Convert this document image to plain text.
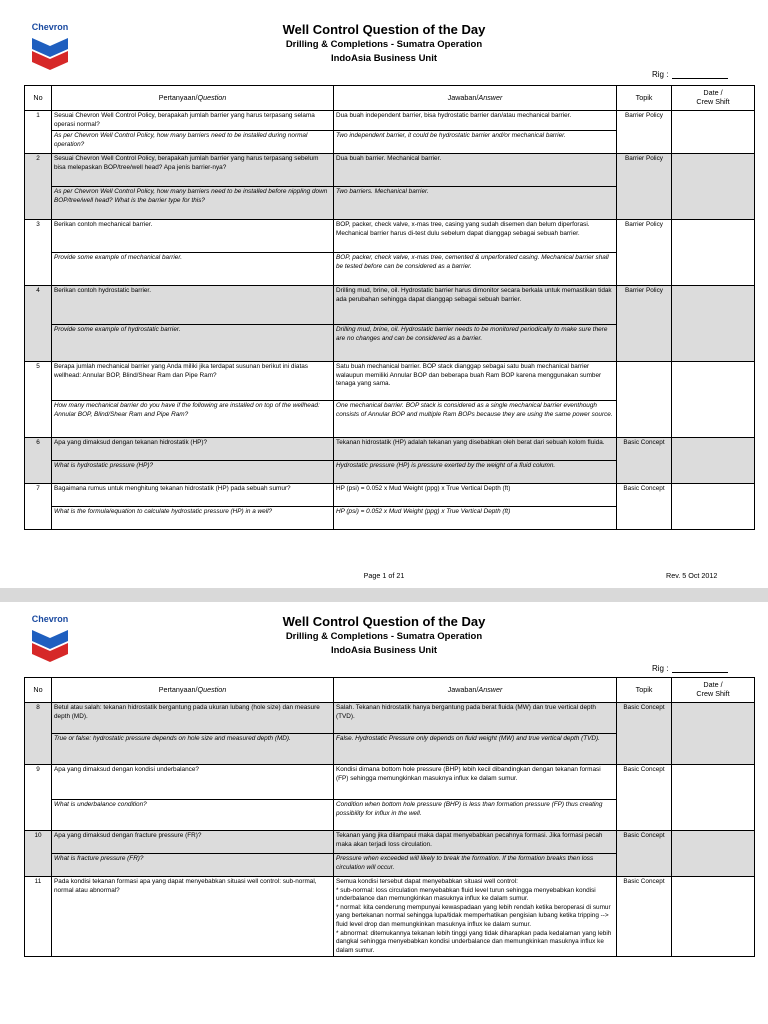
Chevron	Well Control Question of the Day
Drilling & Completions - Sumatra Operation
IndoAsia Business Unit
Rig :
No	Pertanyaan/Question	Jawaban/Answer	Topik	Date /
Crew Shift
1	Sesuai Chevron Well Control Policy, berapakah jumlah barrier yang harus terpasang selama operasi normal?	Dua buah independent barrier, bisa hydrostatic barrier dan/atau mechanical barrier.	Barrier Policy	
	As per Chevron Well Control Policy, how many barriers need to be installed during normal operation?	Two independent barrier, it could be hydrostatic barrier and/or mechanical barrier.		
2	Sesuai Chevron Well Control Policy, berapakah jumlah barrier yang harus terpasang sebelum bisa melepaskan BOP/tree/well head? Apa jenis barrier-nya?	Dua buah barrier. Mechanical barrier.	Barrier Policy	
	As per Chevron Well Control Policy, how many barriers need to be installed before nippling down BOP/tree/well head? What is the barrier type for this?	Two barriers. Mechanical barrier.		
3	Berikan contoh mechanical barrier.	BOP, packer, check valve, x-mas tree, casing yang sudah disemen dan belum diperforasi. Mechanical barrier harus di-test dulu sebelum dapat dianggap sebagai sebuah barrier.	Barrier Policy	
	Provide some example of mechanical barrier.	BOP, packer, check valve, x-mas tree, cemented & unperforated casing. Mechanical barrier shall be tested before can be considered as a barrier.		
4	Berikan contoh hydrostatic barrier.	Drilling mud, brine, oil. Hydrostatic barrier harus dimonitor secara berkala untuk memastikan tidak ada perubahan sehingga dapat dianggap sebagai sebuah barrier.	Barrier Policy	
	Provide some example of hydrostatic barrier.	Drilling mud, brine, oil. Hydrostatic barrier needs to be monitored periodically to make sure there are no changes and can be considered as a barrier.		
5	Berapa jumlah mechanical barrier yang Anda miliki jika terdapat susunan berikut ini diatas wellhead: Annular BOP, Blind/Shear Ram dan Pipe Ram?	Satu buah mechanical barrier. BOP stack dianggap sebagai satu buah mechanical barrier walaupun memiliki Annular BOP dan beberapa buah Ram BOP karena menggunakan sumber tenaga yang sama.		
	How many mechanical barrier do you have if the following are installed on top of the wellhead: Annular BOP, Blind/Shear Ram and Pipe Ram?	One mechanical barrier. BOP stack is considered as a single mechanical barrier eventhough consists of Annular BOP and multiple Ram BOPs because they are using the same power source.		
6	Apa yang dimaksud dengan tekanan hidrostatik (HP)?	Tekanan hidrostatik (HP) adalah tekanan yang disebabkan oleh berat dari sebuah kolom fluida.	Basic Concept	
	What is hydrostatic pressure (HP)?	Hydrostatic pressure (HP) is pressure exerted by the weight of a fluid column.		
7	Bagaimana rumus untuk menghitung tekanan hidrostatik (HP) pada sebuah sumur?	HP (psi) = 0.052 x Mud Weight (ppg) x True Vertical Depth (ft)	Basic Concept	
	What is the formula/equation to calculate hydrostatic pressure (HP) in a well?	HP (psi) = 0.052 x Mud Weight (ppg) x True Vertical Depth (ft)		
Page 1 of 21	Rev. 5 Oct 2012
Chevron	Well Control Question of the Day
Drilling & Completions - Sumatra Operation
IndoAsia Business Unit
Rig :
No	Pertanyaan/Question	Jawaban/Answer	Topik	Date /
Crew Shift
8	Betul atau salah: tekanan hidrostatik bergantung pada ukuran lubang (hole size) dan measure depth (MD).	Salah. Tekanan hidrostatik hanya bergantung pada berat fluida (MW) dan true vertical depth (TVD).	Basic Concept	
	True or false: hydrostatic pressure depends on hole size and measured depth (MD).	False. Hydrostatic Pressure only depends on fluid weight (MW) and true vertical depth (TVD).		
9	Apa yang dimaksud dengan kondisi underbalance?	Kondisi dimana bottom hole pressure (BHP) lebih kecil dibandingkan dengan tekanan formasi (FP) sehingga memungkinkan masuknya influx ke dalam sumur.	Basic Concept	
	What is underbalance condition?	Condition when bottom hole pressure (BHP) is less than formation pressure (FP) thus creating possibility for influx in the well.		
10	Apa yang dimaksud dengan fracture pressure (FR)?	Tekanan yang jika dilampaui maka dapat menyebabkan pecahnya formasi. Jika formasi pecah maka akan terjadi loss circulation.	Basic Concept	
	What is fracture pressure (FR)?	Pressure when exceeded will likely to break the formation. If the formation breaks then loss circulation will occur.		
11	Pada kondisi tekanan formasi apa yang dapat menyebabkan situasi well control: sub-normal, normal atau abnormal?	Semua kondisi tersebut dapat menyebabkan situasi well control:
* sub-normal: loss circulation menyebabkan fluid level turun sehingga menyebabkan kondisi underbalance dan memungkinkan masuknya influx ke dalam sumur.
* normal: kita cenderung mempunyai kewaspadaan yang lebih rendah ketika beroperasi di sumur yang bertekanan normal sehingga lupa/tidak memperhatikan pengisian lubang ketika tripping --> fluid level drop dan memungkinkan masuknya influx ke dalam sumur.
* abnormal: ditemukannya tekanan lebih tinggi yang tidak diharapkan pada kedalaman yang lebih dangkal sehingga menyebabkan kondisi underbalance dan memungkinkan masuknya influx ke dalam sumur.	Basic Concept	
